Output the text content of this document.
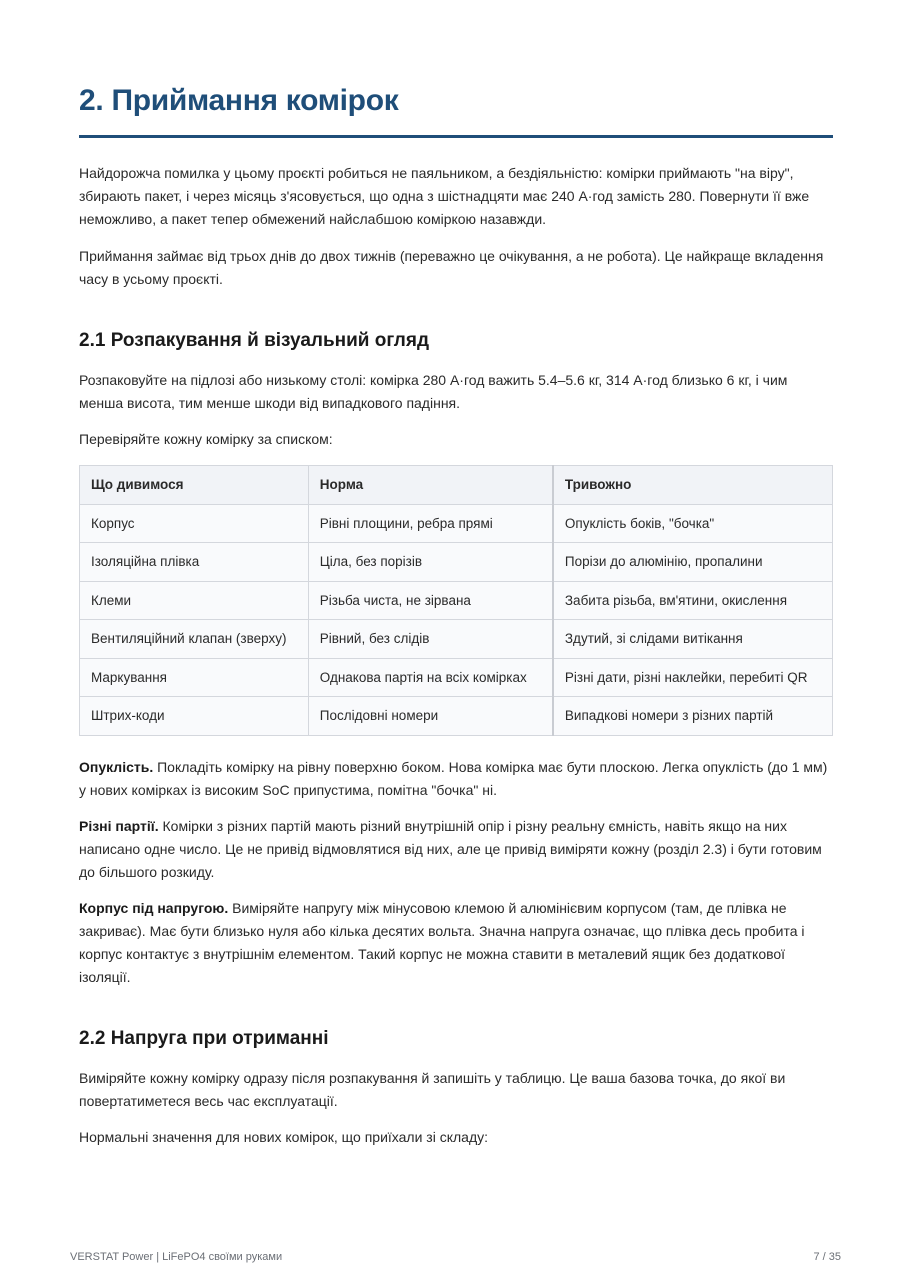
2. Приймання комірок

Найдорожча помилка у цьому проєкті робиться не паяльником, а бездіяльністю: комірки приймають "на віру", збирають пакет, і через місяць з'ясовується, що одна з шістнадцяти має 240 А·год замість 280. Повернути її вже неможливо, а пакет тепер обмежений найслабшою коміркою назавжди.

Приймання займає від трьох днів до двох тижнів (переважно це очікування, а не робота). Це найкраще вкладення часу в усьому проєкті.

2.1 Розпакування й візуальний огляд

Розпаковуйте на підлозі або низькому столі: комірка 280 А·год важить 5.4–5.6 кг, 314 А·год близько 6 кг, і чим менша висота, тим менше шкоди від випадкового падіння.

Перевіряйте кожну комірку за списком:

Що дивимося	Норма	Тривожно
Корпус	Рівні площини, ребра прямі	Опуклість боків, "бочка"
Ізоляційна плівка	Ціла, без порізів	Порізи до алюмінію, пропалини
Клеми	Різьба чиста, не зірвана	Забита різьба, вм'ятини, окислення
Вентиляційний клапан (зверху)	Рівний, без слідів	Здутий, зі слідами витікання
Маркування	Однакова партія на всіх комірках	Різні дати, різні наклейки, перебиті QR
Штрих-коди	Послідовні номери	Випадкові номери з різних партій

Опуклість. Покладіть комірку на рівну поверхню боком. Нова комірка має бути плоскою. Легка опуклість (до 1 мм) у нових комірках із високим SoC припустима, помітна "бочка" ні.

Різні партії. Комірки з різних партій мають різний внутрішній опір і різну реальну ємність, навіть якщо на них написано одне число. Це не привід відмовлятися від них, але це привід виміряти кожну (розділ 2.3) і бути готовим до більшого розкиду.

Корпус під напругою. Виміряйте напругу між мінусовою клемою й алюмінієвим корпусом (там, де плівка не закриває). Має бути близько нуля або кілька десятих вольта. Значна напруга означає, що плівка десь пробита і корпус контактує з внутрішнім елементом. Такий корпус не можна ставити в металевий ящик без додаткової ізоляції.

2.2 Напруга при отриманні

Виміряйте кожну комірку одразу після розпакування й запишіть у таблицю. Це ваша базова точка, до якої ви повертатиметеся весь час експлуатації.

Нормальні значення для нових комірок, що приїхали зі складу:

VERSTAT Power | LiFePO4 своїми руками	7 / 35
